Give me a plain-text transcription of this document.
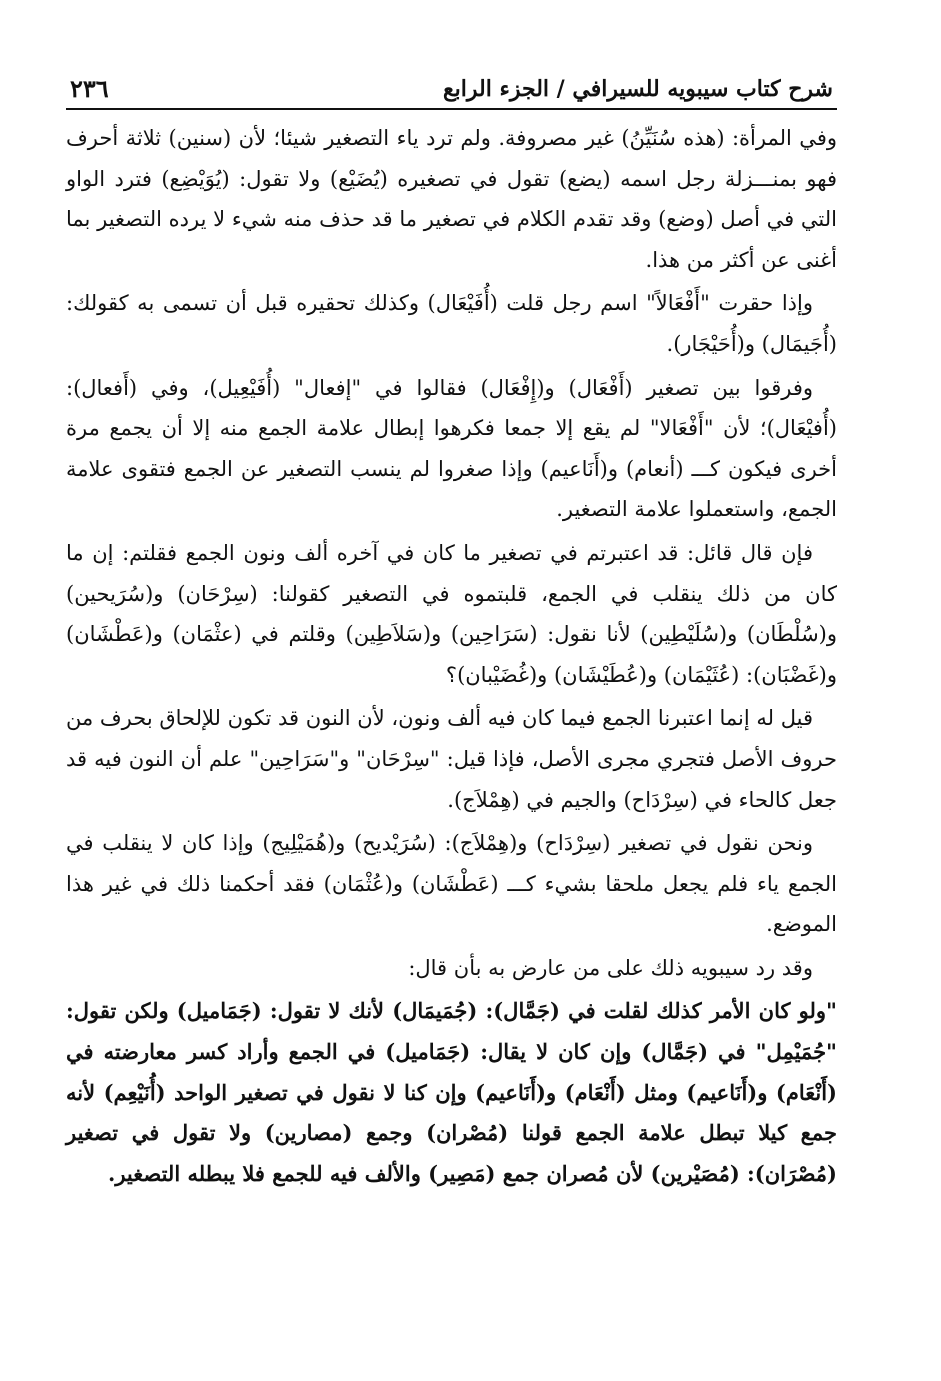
شرح كتاب سيبويه للسيرافي / الجزء الرابع
٢٣٦

وفي المرأة: (هذه سُنَيِّنُ) غير مصروفة. ولم ترد ياء التصغير شيئا؛ لأن (سنين) ثلاثة أحرف فهو بمنـــزلة رجل اسمه (يضع) تقول في تصغيره (يُضَيْع) ولا تقول: (يُوَيْضِع) فترد الواو التي في أصل (وضع) وقد تقدم الكلام في تصغير ما قد حذف منه شيء لا يرده التصغير بما أغنى عن أكثر من هذا.

وإذا حقرت "أَفْعَالاً" اسم رجل قلت (أُفَيْعَال) وكذلك تحقيره قبل أن تسمى به كقولك: (أُجَيمَال) و(أُحَيْجَار).

وفرقوا بين تصغير (أَفْعَال) و(إِفْعَال) فقالوا في "إفعال" (أُفَيْعِيل)، وفي (أَفعال): (أُفيْعَال)؛ لأن "أَفْعَالا" لم يقع إلا جمعا فكرهوا إبطال علامة الجمع منه إلا أن يجمع مرة أخرى فيكون كـــ (أنعام) و(أَنَاعيم) وإذا صغروا لم ينسب التصغير عن الجمع فتقوى علامة الجمع، واستعملوا علامة التصغير.

فإن قال قائل: قد اعتبرتم في تصغير ما كان في آخره ألف ونون الجمع فقلتم: إن ما كان من ذلك ينقلب في الجمع، قلبتموه في التصغير كقولنا: (سِرْحَان) و(سُرَيحين) و(سُلْطَان) و(سُلَيْطِين) لأنا نقول: (سَرَاحِين) و(سَلاَطِين) وقلتم في (عثْمَان) و(عَطْشَان) و(غَضْبَان): (عُثَيْمَان) و(عُطَيْشَان) و(غُضَيْبان)؟

قيل له إنما اعتبرنا الجمع فيما كان فيه ألف ونون، لأن النون قد تكون للإلحاق بحرف من حروف الأصل فتجري مجرى الأصل، فإذا قيل: "سِرْحَان" و"سَرَاحِين" علم أن النون فيه قد جعل كالحاء في (سِرْدَاح) والجيم في (هِمْلاَج).

ونحن نقول في تصغير (سِرْدَاح) و(هِمْلاَج): (سُرَيْديح) و(هُمَيْلِيج) وإذا كان لا ينقلب في الجمع ياء فلم يجعل ملحقا بشيء كـــ (عَطْشَان) و(عُثْمَان) فقد أحكمنا ذلك في غير هذا الموضع.

وقد رد سيبويه ذلك على من عارض به بأن قال:

"ولو كان الأمر كذلك لقلت في (جَمَّال): (جُمَيمَال) لأنك لا تقول: (جَمَاميل) ولكن تقول: "جُمَيْمِل" في (جَمَّال) وإن كان لا يقال: (جَمَاميل) في الجمع وأراد كسر معارضته في (أَنْعَام) و(أَنَاعيم) ومثل (أَنْعَام) و(أَنَاعيم) وإن كنا لا نقول في تصغير الواحد (أُنَيْعِم) لأنه جمع كيلا تبطل علامة الجمع قولنا (مُصْران) وجمع (مصارين) ولا تقول في تصغير (مُصْرَان): (مُصَيْرين) لأن مُصران جمع (مَصِير) والألف فيه للجمع فلا يبطله التصغير.
